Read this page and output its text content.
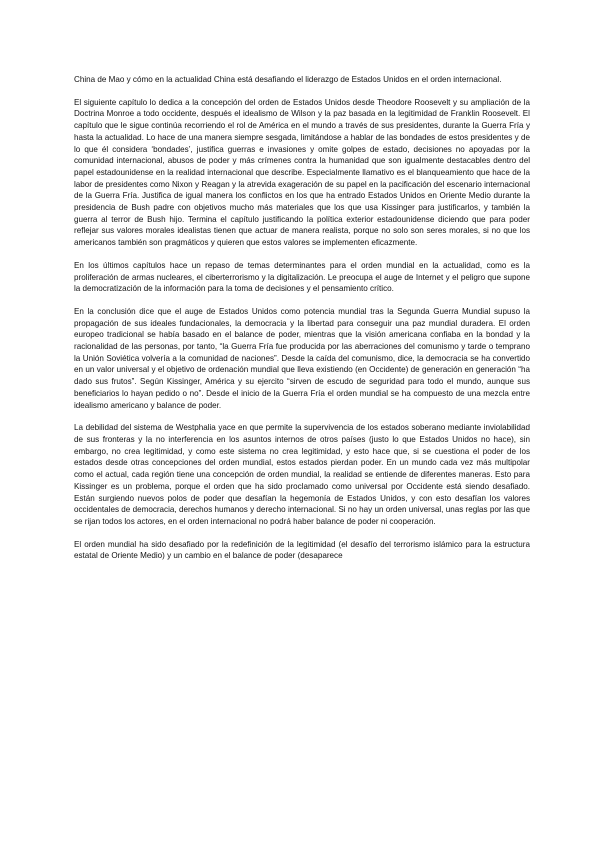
China de Mao y cómo en la actualidad China está desafiando el liderazgo de Estados Unidos en el orden internacional.

El siguiente capítulo lo dedica a la concepción del orden de Estados Unidos desde Theodore Roosevelt y su ampliación de la Doctrina Monroe a todo occidente, después el idealismo de Wilson y la paz basada en la legitimidad de Franklin Roosevelt. El capítulo que le sigue continúa recorriendo el rol de América en el mundo a través de sus presidentes, durante la Guerra Fría y hasta la actualidad. Lo hace de una manera siempre sesgada, limitándose a hablar de las bondades de estos presidentes y de lo que él considera ‘bondades’, justifica guerras e invasiones y omite golpes de estado, decisiones no apoyadas por la comunidad internacional, abusos de poder y más crímenes contra la humanidad que son igualmente destacables dentro del papel estadounidense en la realidad internacional que describe. Especialmente llamativo es el blanqueamiento que hace de la labor de presidentes como Nixon y Reagan y la atrevida exageración de su papel en la pacificación del escenario internacional de la Guerra Fría. Justifica de igual manera los conflictos en los que ha entrado Estados Unidos en Oriente Medio durante la presidencia de Bush padre con objetivos mucho más materiales que los que usa Kissinger para justificarlos, y también la guerra al terror de Bush hijo. Termina el capítulo justificando la política exterior estadounidense diciendo que para poder reflejar sus valores morales idealistas tienen que actuar de manera realista, porque no solo son seres morales, si no que los americanos también son pragmáticos y quieren que estos valores se implementen eficazmente.

En los últimos capítulos hace un repaso de temas determinantes para el orden mundial en la actualidad, como es la proliferación de armas nucleares, el ciberterrorismo y la digitalización. Le preocupa el auge de Internet y el peligro que supone la democratización de la información para la toma de decisiones y el pensamiento crítico.

En la conclusión dice que el auge de Estados Unidos como potencia mundial tras la Segunda Guerra Mundial supuso la propagación de sus ideales fundacionales, la democracia y la libertad para conseguir una paz mundial duradera. El orden europeo tradicional se había basado en el balance de poder, mientras que la visión americana confiaba en la bondad y la racionalidad de las personas, por tanto, “la Guerra Fría fue producida por las aberraciones del comunismo y tarde o temprano la Unión Soviética volvería a la comunidad de naciones”. Desde la caída del comunismo, dice, la democracia se ha convertido en un valor universal y el objetivo de ordenación mundial que lleva existiendo (en Occidente) de generación en generación “ha dado sus frutos”. Según Kissinger, América y su ejercito “sirven de escudo de seguridad para todo el mundo, aunque sus beneficiarios lo hayan pedido o no”. Desde el inicio de la Guerra Fría el orden mundial se ha compuesto de una mezcla entre idealismo americano y balance de poder.

La debilidad del sistema de Westphalia yace en que permite la supervivencia de los estados soberano mediante inviolabilidad de sus fronteras y la no interferencia en los asuntos internos de otros países (justo lo que Estados Unidos no hace), sin embargo, no crea legitimidad, y como este sistema no crea legitimidad, y esto hace que, si se cuestiona el poder de los estados desde otras concepciones del orden mundial, estos estados pierdan poder. En un mundo cada vez más multipolar como el actual, cada región tiene una concepción de orden mundial, la realidad se entiende de diferentes maneras. Esto para Kissinger es un problema, porque el orden que ha sido proclamado como universal por Occidente está siendo desafiado. Están surgiendo nuevos polos de poder que desafían la hegemonía de Estados Unidos, y con esto desafían los valores occidentales de democracia, derechos humanos y derecho internacional. Si no hay un orden universal, unas reglas por las que se rijan todos los actores, en el orden internacional no podrá haber balance de poder ni cooperación.

El orden mundial ha sido desafiado por la redefinición de la legitimidad (el desafío del terrorismo islámico para la estructura estatal de Oriente Medio) y un cambio en el balance de poder (desaparece
